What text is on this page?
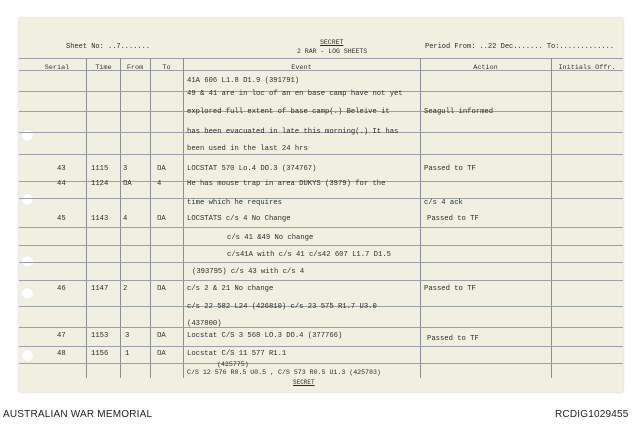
Sheet No: ..7.......
SECRET
2 RAR - LOG SHEETS
Period From: ..22 Dec....... To:.............
Serial	Time	From	To	Event	Action	Initials Offr.
41A 606 L1.8 D1.9 (391791)
49 & 41 are in loc of an en base camp have not yet
explored full extent of base camp(.) Beleive it	Seagull informed
has been evacuated in late this morning(.) It has
been used in the last 24 hrs
43	1115 3	ŊA	LOCSTAT 570 Lo.4 DO.3 (374767)	Passed to TF
44	1124 ŊA	4	He has mouse trap in area DUKYS (3979) for the
time which he requires	c/s 4 ack
45	1143 4	ŊA	LOCSTATS c/s 4 No Change	Passed to TF
c/s 41 &49 No change
c/s41A with c/s 41 c/s42 607 L1.7 D1.5
(393795) c/s 43 with c/s 4
46	1147 2	ŊA	c/s 2 & 21 No change	Passed to TF
c/s 22 582 L24 (426810) c/s 23 575 R1.7 U3.0
(437800)
47	1153 3	ŊA	Locstat C/S 3 568 LO.3 DO.4 (377766)	Passed to TF
48	1156 1	ŊA	Locstat C/S 11 577 R1.1
(425775)
C/S 12 576 R0.5 U0.5 , C/S 573 R0.5 U1.3 (425783)
SECRET
AUSTRALIAN WAR MEMORIAL	RCDIG1029455
